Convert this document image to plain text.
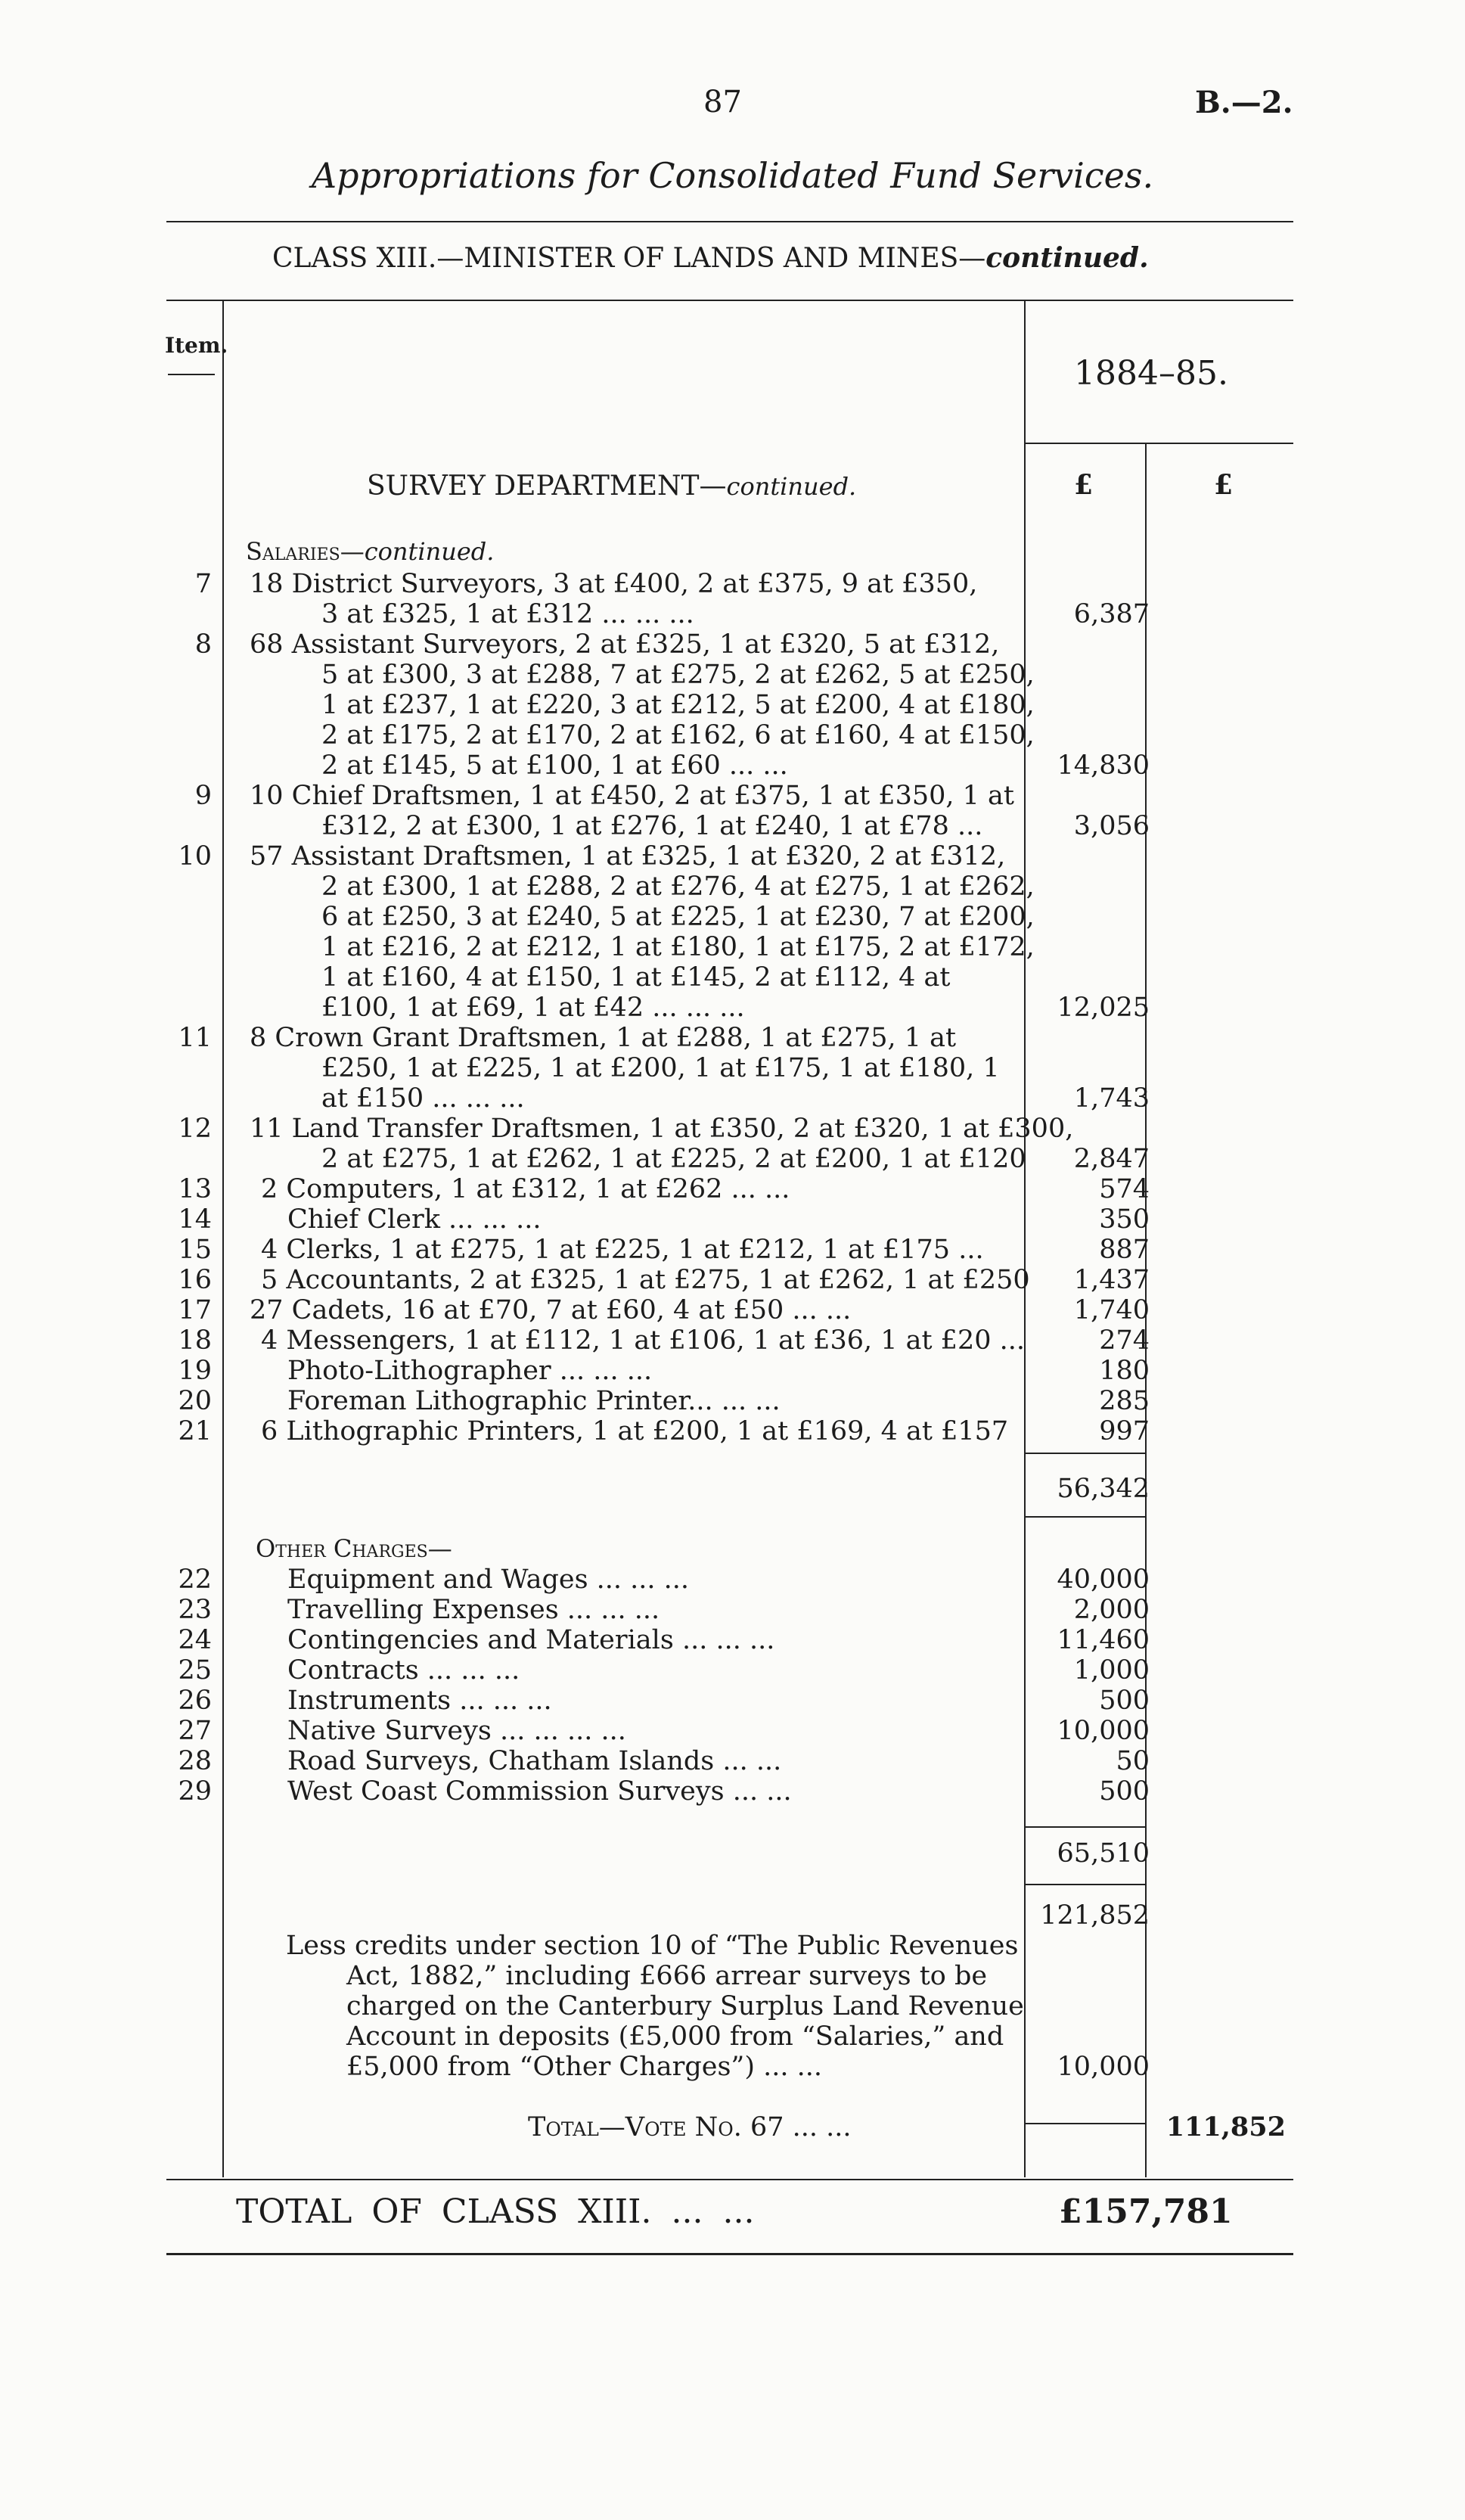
87	B.—2.
Appropriations for Consolidated Fund Services.
CLASS XIII.—MINISTER OF LANDS AND MINES—continued.
Item.
1884–85.
£	£
SURVEY DEPARTMENT—continued.
Salaries—continued.
7 18 District Surveyors, 3 at £400, 2 at £375, 9 at £350,
3 at £325, 1 at £312 ... ... ...	6,387
8 68 Assistant Surveyors, 2 at £325, 1 at £320, 5 at £312,
5 at £300, 3 at £288, 7 at £275, 2 at £262, 5 at £250,
1 at £237, 1 at £220, 3 at £212, 5 at £200, 4 at £180,
2 at £175, 2 at £170, 2 at £162, 6 at £160, 4 at £150,
2 at £145, 5 at £100, 1 at £60 ... ...	14,830
9 10 Chief Draftsmen, 1 at £450, 2 at £375, 1 at £350, 1 at
£312, 2 at £300, 1 at £276, 1 at £240, 1 at £78 ...	3,056
10 57 Assistant Draftsmen, 1 at £325, 1 at £320, 2 at £312,
2 at £300, 1 at £288, 2 at £276, 4 at £275, 1 at £262,
6 at £250, 3 at £240, 5 at £225, 1 at £230, 7 at £200,
1 at £216, 2 at £212, 1 at £180, 1 at £175, 2 at £172,
1 at £160, 4 at £150, 1 at £145, 2 at £112, 4 at
£100, 1 at £69, 1 at £42 ... ... ...	12,025
11 8 Crown Grant Draftsmen, 1 at £288, 1 at £275, 1 at
£250, 1 at £225, 1 at £200, 1 at £175, 1 at £180, 1
at £150 ... ... ...	1,743
12 11 Land Transfer Draftsmen, 1 at £350, 2 at £320, 1 at £300,
2 at £275, 1 at £262, 1 at £225, 2 at £200, 1 at £120	2,847
13 2 Computers, 1 at £312, 1 at £262 ... ...	574
14	Chief Clerk ... ... ...	350
15 4 Clerks, 1 at £275, 1 at £225, 1 at £212, 1 at £175 ...	887
16 5 Accountants, 2 at £325, 1 at £275, 1 at £262, 1 at £250	1,437
17 27 Cadets, 16 at £70, 7 at £60, 4 at £50 ... ...	1,740
18 4 Messengers, 1 at £112, 1 at £106, 1 at £36, 1 at £20 ...	274
19	Photo-Lithographer ... ... ...	180
20	Foreman Lithographic Printer... ... ...	285
21 6 Lithographic Printers, 1 at £200, 1 at £169, 4 at £157	997
56,342
Other Charges—
22	Equipment and Wages ... ... ...	40,000
23	Travelling Expenses ... ... ...	2,000
24	Contingencies and Materials ... ... ...	11,460
25	Contracts ... ... ...	1,000
26	Instruments ... ... ...	500
27	Native Surveys ... ... ... ...	10,000
28	Road Surveys, Chatham Islands ... ...	50
29	West Coast Commission Surveys ... ...	500
65,510
121,852
Less credits under section 10 of “The Public Revenues
Act, 1882,” including £666 arrear surveys to be
charged on the Canterbury Surplus Land Revenue
Account in deposits (£5,000 from “Salaries,” and
£5,000 from “Other Charges”) ... ...	10,000
Total—Vote No. 67 ... ...	111,852
TOTAL OF CLASS XIII. ... ...	£157,781
